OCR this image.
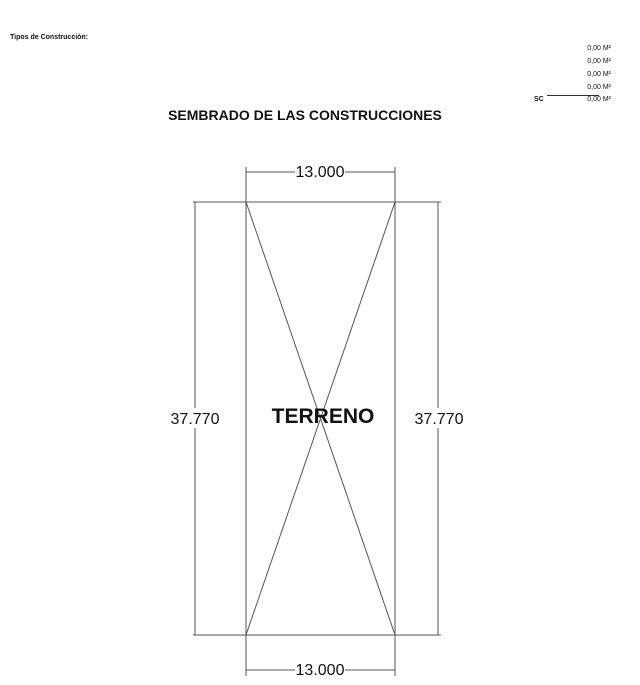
Tipos de Construcción:
0,00 M²
0,00 M²
0,00 M²
0,00 M²
SC	0,00 M²
SEMBRADO DE LAS CONSTRUCCIONES
13.000
13.000
37.770	37.770
TERRENO
